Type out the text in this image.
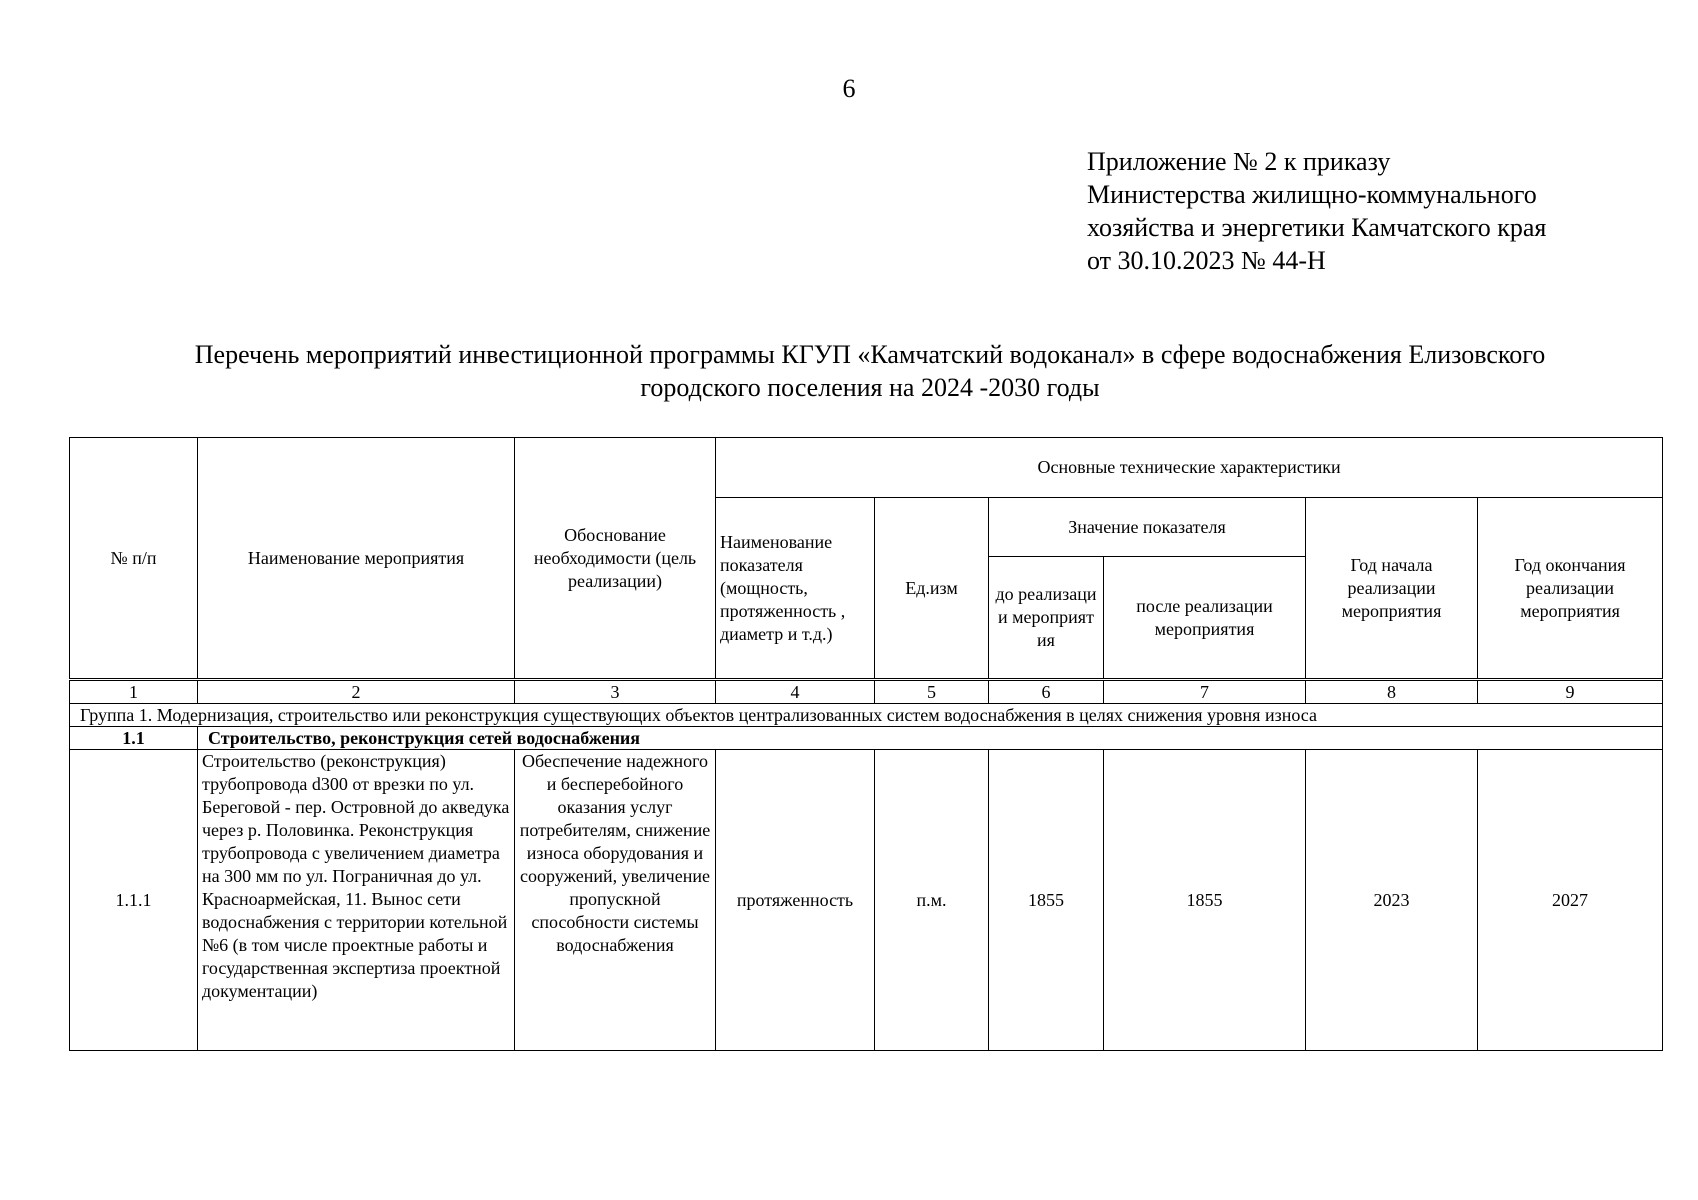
6
Приложение № 2 к приказу
Министерства жилищно-коммунального
хозяйства и энергетики Камчатского края
от 30.10.2023 № 44-Н
Перечень мероприятий инвестиционной программы КГУП «Камчатский водоканал» в сфере водоснабжения Елизовского
городского поселения на 2024 -2030 годы
№ п/п	Наименование мероприятия	Обоснование необходимости (цель реализации)	Основные технические характеристики					
			Наименование показателя (мощность, протяженность , диаметр и т.д.)	Ед.изм	Значение показателя		Год начала реализации мероприятия	Год окончания реализации мероприятия
					до реализаци и мероприят ия	после реализации мероприятия		
1	2	3	4	5	6	7	8	9
Группа 1. Модернизация, строительство или реконструкция существующих объектов централизованных систем водоснабжения в целях снижения уровня износа								
1.1	Строительство, реконструкция сетей водоснабжения							
1.1.1	Строительство (реконструкция) трубопровода d300 от врезки по ул. Береговой - пер. Островной до акведука через р. Половинка. Реконструкция трубопровода с увеличением диаметра на 300 мм по ул. Пограничная до ул. Красноармейская, 11. Вынос сети водоснабжения с территории котельной №6 (в том числе проектные работы и государственная экспертиза проектной документации)	Обеспечение надежного и бесперебойного оказания услуг потребителям, снижение износа оборудования и сооружений, увеличение пропускной способности системы водоснабжения	протяженность	п.м.	1855	1855	2023	2027
